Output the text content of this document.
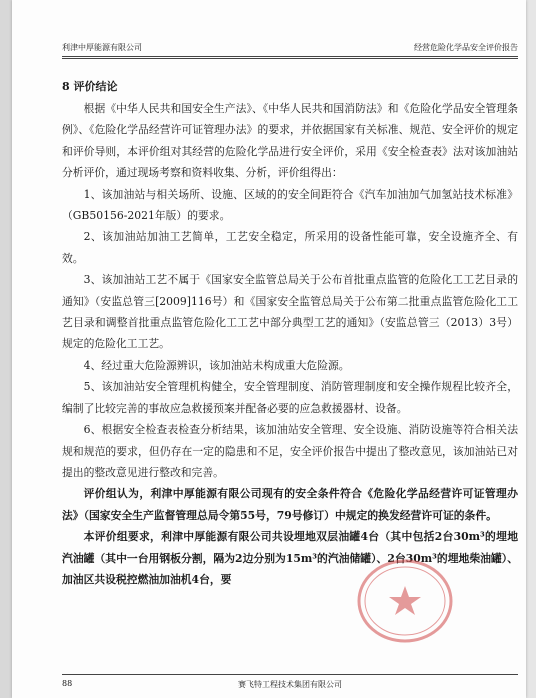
利津中厚能源有限公司	经营危险化学品安全评价报告
8 评价结论

根据《中华人民共和国安全生产法》、《中华人民共和国消防法》和《危险化学品安全管理条例》、《危险化学品经营许可证管理办法》的要求，并依据国家有关标准、规范、安全评价的规定和评价导则，本评价组对其经营的危险化学品进行安全评价，采用《安全检查表》法对该加油站分析评价，通过现场考察和资料收集、分析，评价组得出：

1、该加油站与相关场所、设施、区域的的安全间距符合《汽车加油加气加氢站技术标准》（GB50156-2021年版）的要求。

2、该加油站加油工艺简单，工艺安全稳定，所采用的设备性能可靠，安全设施齐全、有效。

3、该加油站工艺不属于《国家安全监管总局关于公布首批重点监管的危险化工工艺目录的通知》（安监总管三[2009]116号）和《国家安全监管总局关于公布第二批重点监管危险化工工艺目录和调整首批重点监管危险化工工艺中部分典型工艺的通知》（安监总管三（2013）3号）规定的危险化工工艺。

4、经过重大危险源辨识，该加油站未构成重大危险源。

5、该加油站安全管理机构健全，安全管理制度、消防管理制度和安全操作规程比较齐全，编制了比较完善的事故应急救援预案并配备必要的应急救援器材、设备。

6、根据安全检查表检查分析结果，该加油站安全管理、安全设施、消防设施等符合相关法规和规范的要求，但仍存在一定的隐患和不足，安全评价报告中提出了整改意见，该加油站已对提出的整改意见进行整改和完善。

评价组认为，利津中厚能源有限公司现有的安全条件符合《危险化学品经营许可证管理办法》（国家安全生产监督管理总局令第55号，79号修订）中规定的换发经营许可证的条件。

本评价组要求，利津中厚能源有限公司共设埋地双层油罐4台（其中包括2台30m³的埋地汽油罐（其中一台用钢板分割，隔为2边分别为15m³的汽油储罐）、2台30m³的埋地柴油罐）、加油区共设税控燃油加油机4台，要

88	赛飞特工程技术集团有限公司
